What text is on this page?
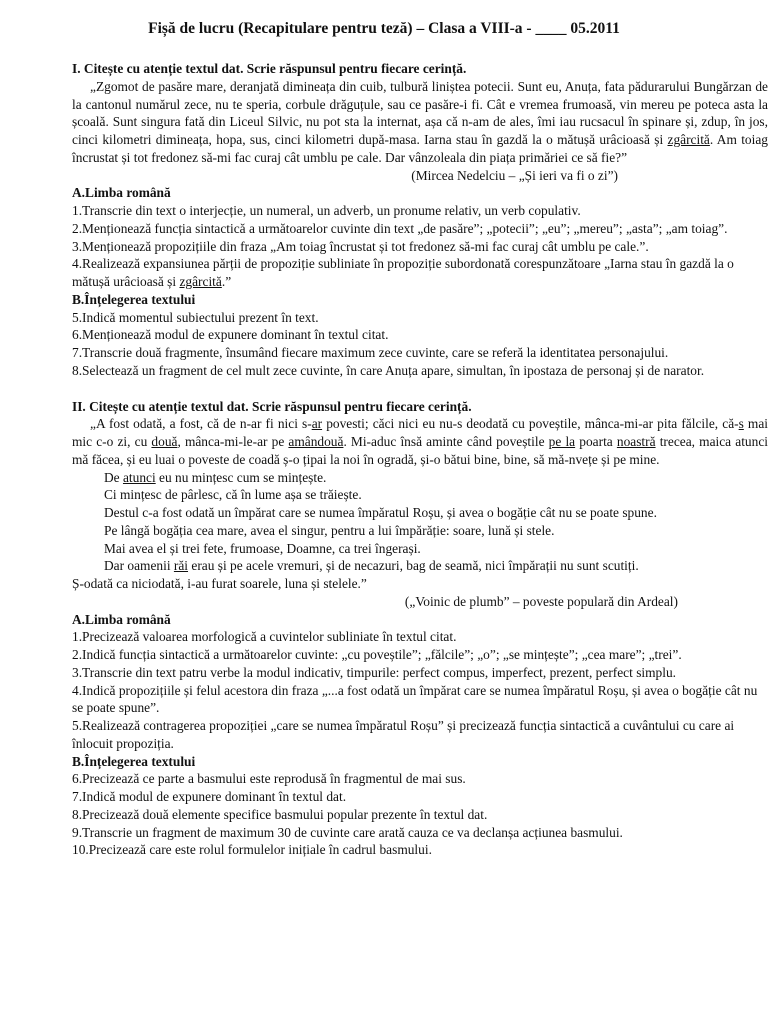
Fișă de lucru (Recapitulare pentru teză) – Clasa a VIII-a - ____ 05.2011
I. Citește cu atenție textul dat. Scrie răspunsul pentru fiecare cerință.

„Zgomot de pasăre mare, deranjată dimineața din cuib, tulbură liniștea potecii. Sunt eu, Anuța, fata pădurarului Bungărzan de la cantonul numărul zece, nu te speria, corbule drăguțule, sau ce pasăre-i fi. Cât e vremea frumoasă, vin mereu pe poteca asta la școală. Sunt singura fată din Liceul Silvic, nu pot sta la internat, așa că n-am de ales, îmi iau rucsacul în spinare și, zdup, în jos, cinci kilometri dimineața, hopa, sus, cinci kilometri după-masa. Iarna stau în gazdă la o mătușă urâcioasă și zgârcită. Am toiag încrustat și tot fredonez să-mi fac curaj cât umblu pe cale. Dar vânzoleala din piața primăriei ce să fie?”

(Mircea Nedelciu – „Și ieri va fi o zi”)
A.Limba română
1.Transcrie din text o interjecție, un numeral, un adverb, un pronume relativ, un verb copulativ.
2.Menționează funcția sintactică a următoarelor cuvinte din text „de pasăre”; „potecii”; „eu”; „mereu”; „asta”; „am toiag”.
3.Menționează propozițiile din fraza „Am toiag încrustat și tot fredonez să-mi fac curaj cât umblu pe cale.”.
4.Realizează expansiunea părții de propoziție subliniate în propoziție subordonată corespunzătoare „Iarna stau în gazdă la o mătușă urâcioasă și zgârcită.”
B.Înțelegerea textului
5.Indică momentul subiectului prezent în text.
6.Menționează modul de expunere dominant în textul citat.
7.Transcrie două fragmente, însumând fiecare maximum zece cuvinte, care se referă la identitatea personajului.
8.Selectează un fragment de cel mult zece cuvinte, în care Anuța apare, simultan, în ipostaza de personaj și de narator.
II. Citește cu atenție textul dat. Scrie răspunsul pentru fiecare cerință.

„A fost odată, a fost, că de n-ar fi nici s-ar povesti; căci nici eu nu-s deodată cu poveștile, mânca-mi-ar pita fălcile, că-s mai mic c-o zi, cu două, mânca-mi-le-ar pe amândouă. Mi-aduc însă aminte când poveștile pe la poarta noastră trecea, maica atunci mă făcea, și eu luai o poveste de coadă ș-o țipai la noi în ogradă, și-o bătui bine, bine, să mă-nvețe și pe mine.

De atunci eu nu mințesc cum se mințește.
Ci mințesc de pârlesc, că în lume așa se trăiește.
Destul c-a fost odată un împărat care se numea împăratul Roșu, și avea o bogăție cât nu se poate spune.
Pe lângă bogăția cea mare, avea el singur, pentru a lui împărăție: soare, lună și stele.
Mai avea el și trei fete, frumoase, Doamne, ca trei îngerași.
Dar oamenii răi erau și pe acele vremuri, și de necazuri, bag de seamă, nici împărații nu sunt scutiți.
Ș-odată ca niciodată, i-au furat soarele, luna și stelele.”
(„Voinic de plumb” – poveste populară din Ardeal)
A.Limba română
1.Precizează valoarea morfologică a cuvintelor subliniate în textul citat.
2.Indică funcția sintactică a următoarelor cuvinte: „cu poveștile”; „fălcile”; „o”; „se mințește”; „cea mare”; „trei”.
3.Transcrie din text patru verbe la modul indicativ, timpurile: perfect compus, imperfect, prezent, perfect simplu.
4.Indică propozițiile și felul acestora din fraza „...a fost odată un împărat care se numea împăratul Roșu, și avea o bogăție cât nu se poate spune”.
5.Realizează contragerea propoziției „care se numea împăratul Roșu” și precizează funcția sintactică a cuvântului cu care ai înlocuit propoziția.
B.Înțelegerea textului
6.Precizează ce parte a basmului este reprodusă în fragmentul de mai sus.
7.Indică modul de expunere dominant în textul dat.
8.Precizează două elemente specifice basmului popular prezente în textul dat.
9.Transcrie un fragment de maximum 30 de cuvinte care arată cauza ce va declanșa acțiunea basmului.
10.Precizează care este rolul formulelor inițiale în cadrul basmului.
